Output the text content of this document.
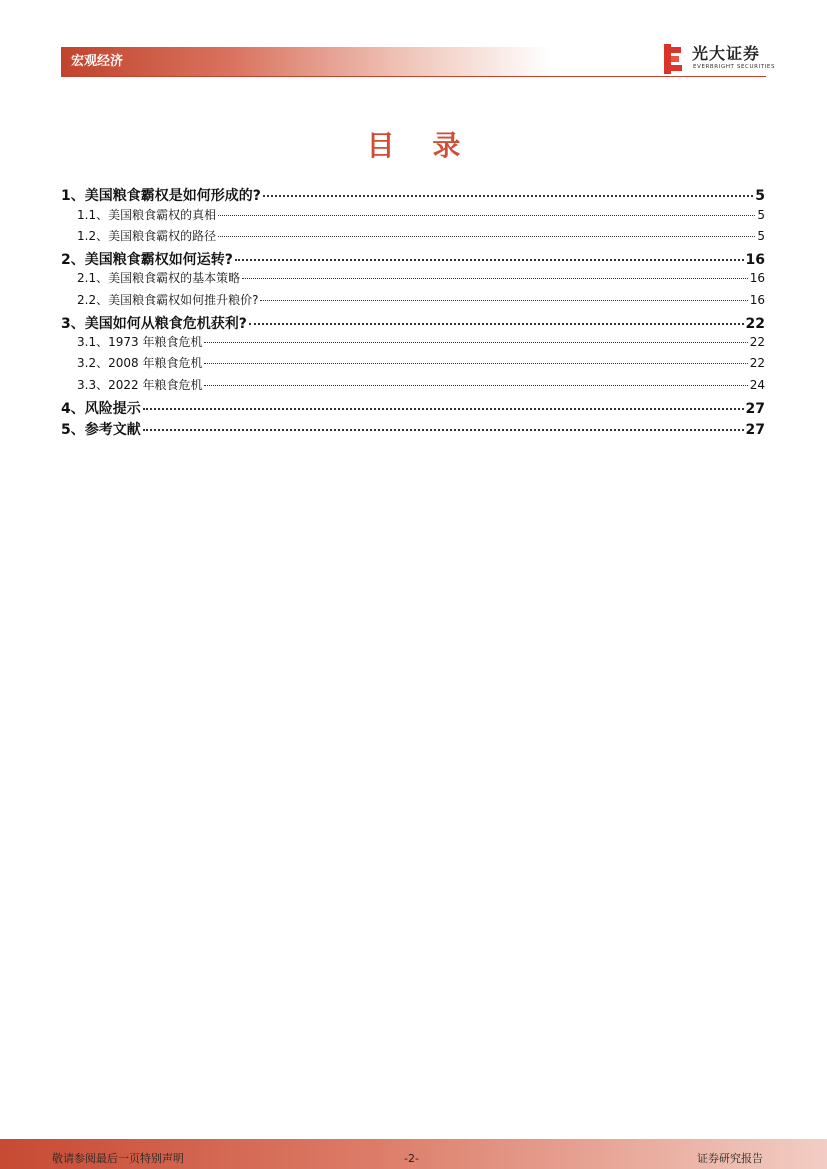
宏观经济	光大证券
EVERBRIGHT SECURITIES
目 录
1、 美国粮食霸权是如何形成的?	5
1.1、 美国粮食霸权的真相	5
1.2、 美国粮食霸权的路径	5
2、 美国粮食霸权如何运转?	16
2.1、 美国粮食霸权的基本策略	16
2.2、 美国粮食霸权如何推升粮价?	16
3、 美国如何从粮食危机获利?	22
3.1、 1973 年粮食危机	22
3.2、 2008 年粮食危机	22
3.3、 2022 年粮食危机	24
4、 风险提示	27
5、 参考文献	27
敬请参阅最后一页特别声明	-2-	证券研究报告
